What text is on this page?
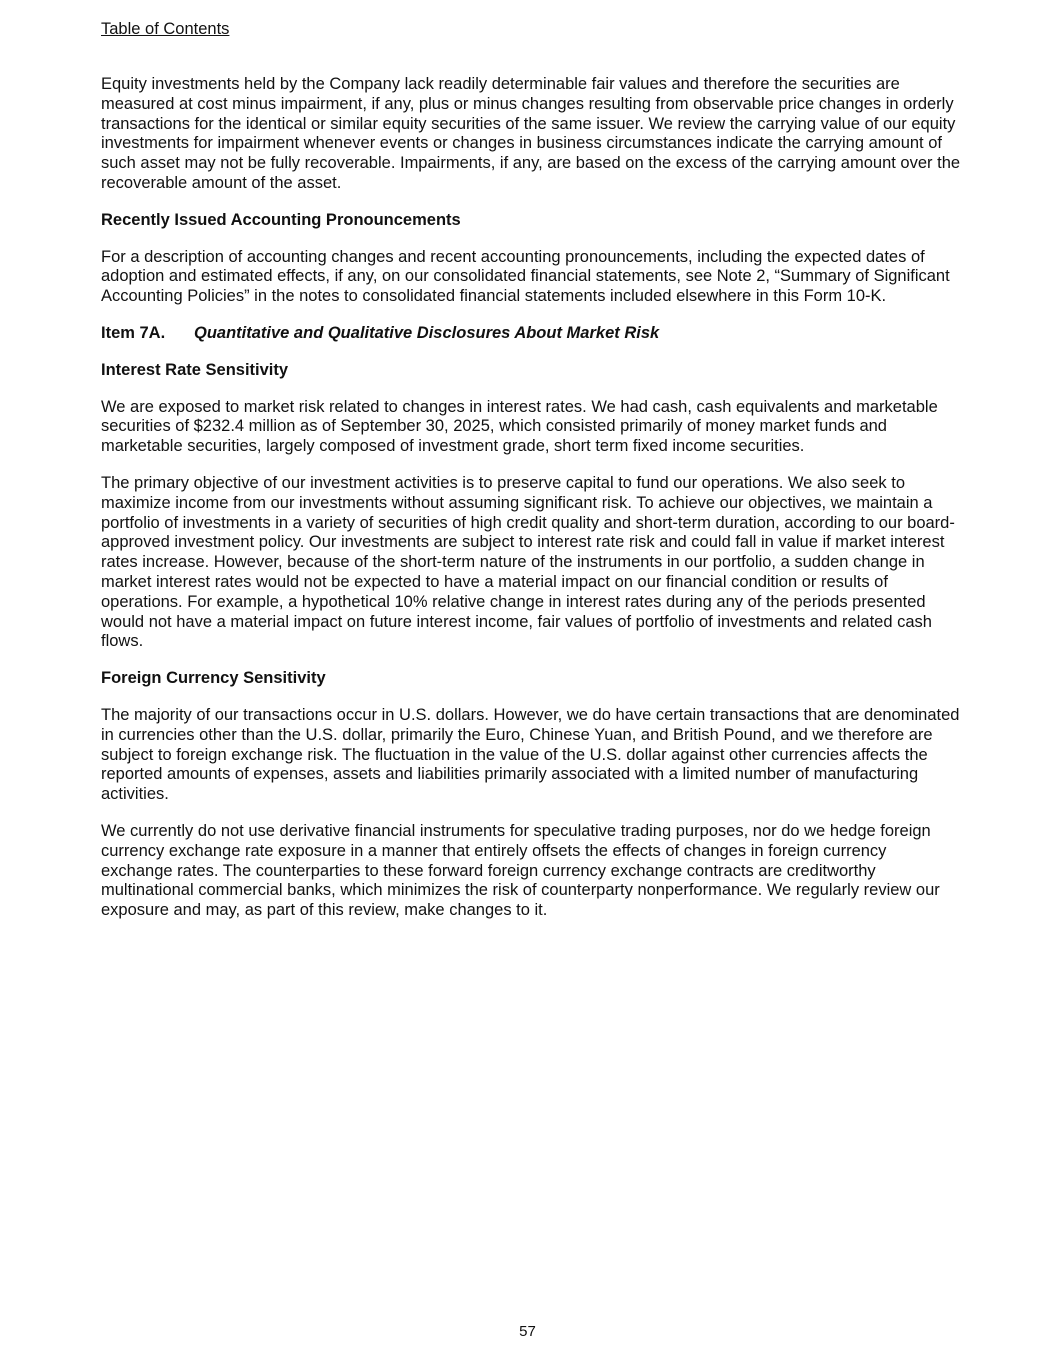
Table of Contents

Equity investments held by the Company lack readily determinable fair values and therefore the securities are measured at cost minus impairment, if any, plus or minus changes resulting from observable price changes in orderly transactions for the identical or similar equity securities of the same issuer. We review the carrying value of our equity investments for impairment whenever events or changes in business circumstances indicate the carrying amount of such asset may not be fully recoverable. Impairments, if any, are based on the excess of the carrying amount over the recoverable amount of the asset.

Recently Issued Accounting Pronouncements

For a description of accounting changes and recent accounting pronouncements, including the expected dates of adoption and estimated effects, if any, on our consolidated financial statements, see Note 2, “Summary of Significant Accounting Policies” in the notes to consolidated financial statements included elsewhere in this Form 10-K.

Item 7A.	Quantitative and Qualitative Disclosures About Market Risk
Interest Rate Sensitivity

We are exposed to market risk related to changes in interest rates. We had cash, cash equivalents and marketable securities of $232.4 million as of September 30, 2025, which consisted primarily of money market funds and marketable securities, largely composed of investment grade, short term fixed income securities.

The primary objective of our investment activities is to preserve capital to fund our operations. We also seek to maximize income from our investments without assuming significant risk. To achieve our objectives, we maintain a portfolio of investments in a variety of securities of high credit quality and short-term duration, according to our board-approved investment policy. Our investments are subject to interest rate risk and could fall in value if market interest rates increase. However, because of the short-term nature of the instruments in our portfolio, a sudden change in market interest rates would not be expected to have a material impact on our financial condition or results of operations. For example, a hypothetical 10% relative change in interest rates during any of the periods presented would not have a material impact on future interest income, fair values of portfolio of investments and related cash flows.

Foreign Currency Sensitivity

The majority of our transactions occur in U.S. dollars. However, we do have certain transactions that are denominated in currencies other than the U.S. dollar, primarily the Euro, Chinese Yuan, and British Pound, and we therefore are subject to foreign exchange risk. The fluctuation in the value of the U.S. dollar against other currencies affects the reported amounts of expenses, assets and liabilities primarily associated with a limited number of manufacturing activities.

We currently do not use derivative financial instruments for speculative trading purposes, nor do we hedge foreign currency exchange rate exposure in a manner that entirely offsets the effects of changes in foreign currency exchange rates. The counterparties to these forward foreign currency exchange contracts are creditworthy multinational commercial banks, which minimizes the risk of counterparty nonperformance. We regularly review our exposure and may, as part of this review, make changes to it.

57
